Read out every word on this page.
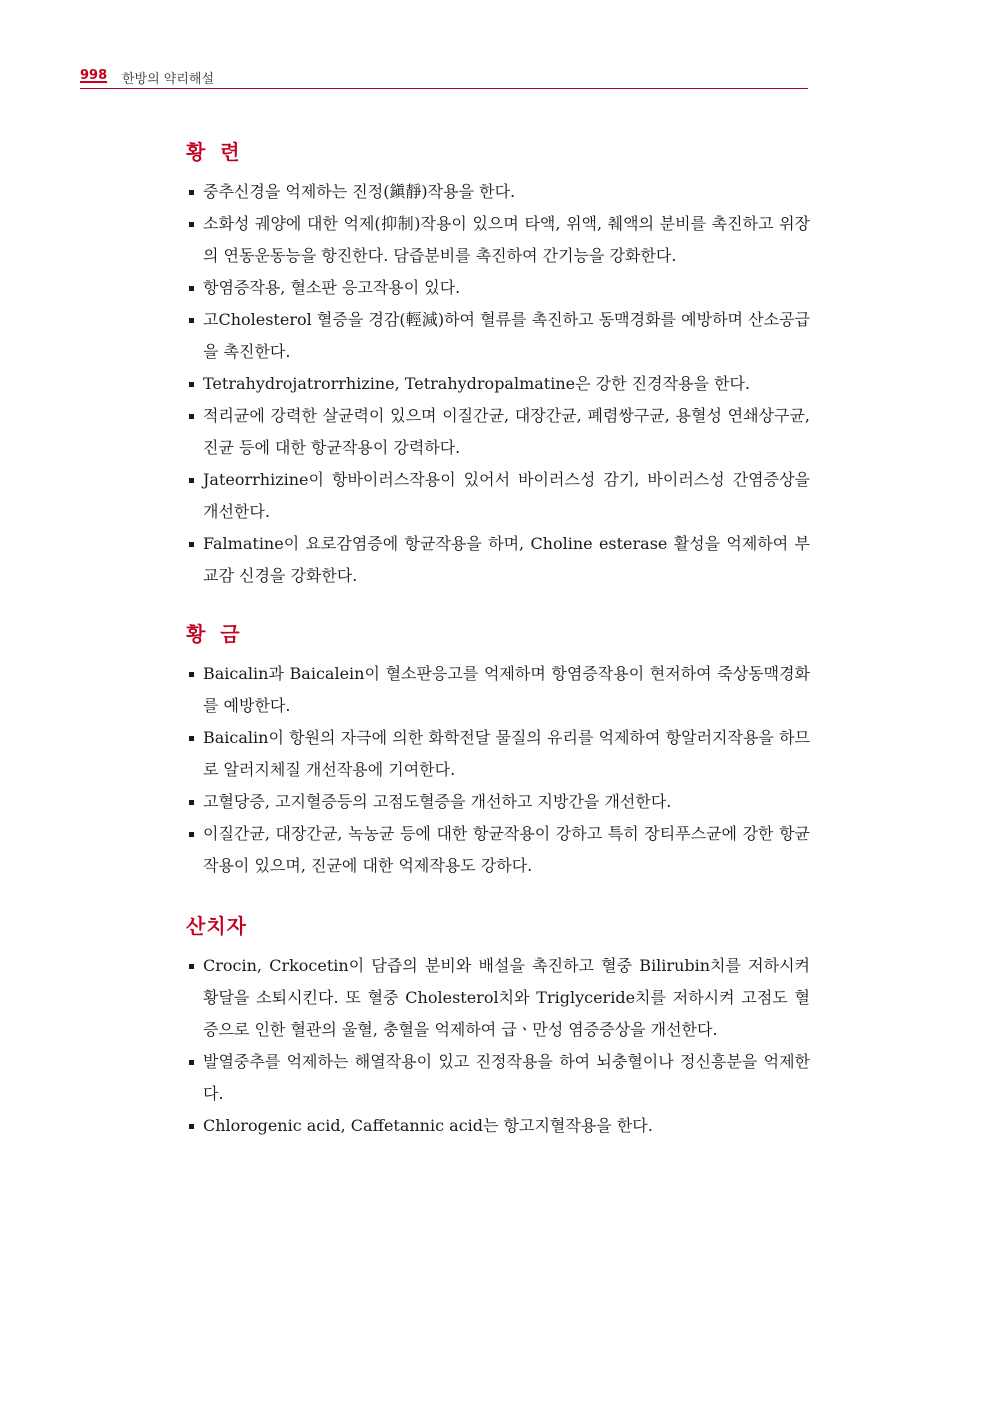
998 한방의 약리해설
황 련
중추신경을 억제하는 진정(鎭靜)작용을 한다.
소화성 궤양에 대한 억제(抑制)작용이 있으며 타액, 위액, 췌액의 분비를 촉진하고 위장의 연동운동능을 항진한다. 담즙분비를 촉진하여 간기능을 강화한다.
항염증작용, 혈소판 응고작용이 있다.
고Cholesterol 혈증을 경감(輕減)하여 혈류를 촉진하고 동맥경화를 예방하며 산소공급을 촉진한다.
Tetrahydrojatrorrhizine, Tetrahydropalmatine은 강한 진경작용을 한다.
적리균에 강력한 살균력이 있으며 이질간균, 대장간균, 폐렴쌍구균, 용혈성 연쇄상구균, 진균 등에 대한 항균작용이 강력하다.
Jateorrhizine이 항바이러스작용이 있어서 바이러스성 감기, 바이러스성 간염증상을 개선한다.
Falmatine이 요로감염증에 항균작용을 하며, Choline esterase 활성을 억제하여 부교감 신경을 강화한다.
황 금
Baicalin과 Baicalein이 혈소판응고를 억제하며 항염증작용이 현저하여 죽상동맥경화를 예방한다.
Baicalin이 항원의 자극에 의한 화학전달 물질의 유리를 억제하여 항알러지작용을 하므로 알러지체질 개선작용에 기여한다.
고혈당증, 고지혈증등의 고점도혈증을 개선하고 지방간을 개선한다.
이질간균, 대장간균, 녹농균 등에 대한 항균작용이 강하고 특히 장티푸스균에 강한 항균작용이 있으며, 진균에 대한 억제작용도 강하다.
산치자
Crocin, Crkocetin이 담즙의 분비와 배설을 촉진하고 혈중 Bilirubin치를 저하시켜 황달을 소퇴시킨다. 또 혈중 Cholesterol치와 Triglyceride치를 저하시켜 고점도 혈증으로 인한 혈관의 울혈, 충혈을 억제하여 급ㆍ만성 염증증상을 개선한다.
발열중추를 억제하는 해열작용이 있고 진정작용을 하여 뇌충혈이나 정신흥분을 억제한다.
Chlorogenic acid, Caffetannic acid는 항고지혈작용을 한다.
